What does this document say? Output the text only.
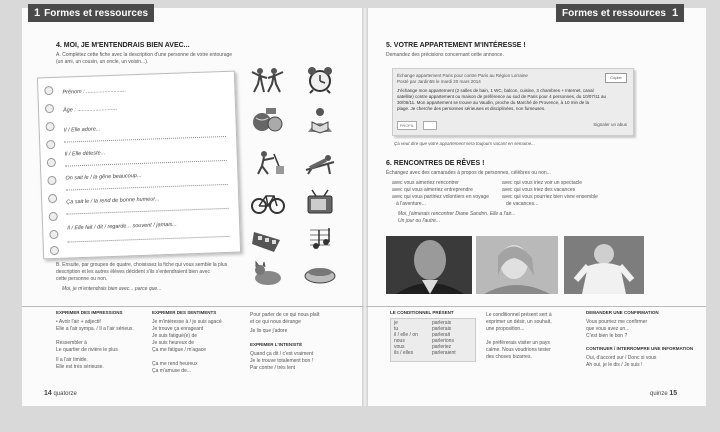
1 Formes et ressources
4. MOI, JE M'ENTENDRAIS BIEN AVEC...
A. Complétez cette fiche avec la description d'une personne de votre entourage
(un ami, un cousin, un oncle, un voisin...).
Prénom : ..........................
Âge : ..........................
Il / Elle adore...
Il / Elle déteste...
On sait le / la gêne beaucoup...
Ça sait le / la rend de bonne humeur...
Il / Elle fait / dit / regarde... souvent / jamais...
B. Ensuite, par groupes de quatre, choisissez la fiche qui vous semble la plus
description et les autres élèves décident s'ils s'entendraient bien avec
cette personne ou non.
Moi, je m'entendrais bien avec... parce que...
EXPRIMER DES IMPRESSIONS
• Avoir l'air + adjectif
Elle a l'air sympa. / Il a l'air sérieux.
Ressembler à
Le quartier de rivière le plus
Il a l'air timide.
Elle est très sérieuse.
EXPRIMER DES SENTIMENTS
Je m'intéresse à / je suis agacé
Je trouve ça enrageant
Je suis fatigué(e) de
Je suis heureux de
Ça me fatigue / m'agace
Ça me rend heureux
Ça m'amuse de...
Pour parler de ce qui nous plaît
et ce qui nous dérange
Je lis que j'adore
EXPRIMER L'INTENSITÉ
Quand ça dit / c'est vraiment
Je le trouve totalement bon !
Par contre / très lent
14 quatorze
Formes et ressources 1
5. VOTRE APPARTEMENT M'INTÉRESSE !
Demandez des précisions concernant cette annonce.
Échange appartement Paris pour contre Paris au Région Lorraine
Posté par Jardin55 le mardi 20 mars 2014
Copier
J'échange mon appartement (2 salles de bain, 1 WC, balcon, cuisine, 3 chambres + Internet, canal
satellite) contre appartement ou maison de préférence au sud de Paris pour 4 personnes, du 10/07/11 au
30/06/11. Mon appartement se trouve au Vaudin, proche du Marché de Provence, à 10 min de la
plage. Je cherche des personnes sérieuses et disciplinées, non fumeuses.
PROFIL	Signaler un abus
Ça veut dire que votre appartement sera toujours vacant en semaine...
6. RENCONTRES DE RÊVES !
Échangez avec des camarades à propos de personnes, célèbres ou non...
avec vous aimeriez rencontrer
avec qui vous aimeriez entreprendre
avec qui vous partiriez volontiers en voyage
à l'aventure...
avec qui vous iriez voir un spectacle
avec qui vous iriez des vacances
avec qui vous pourriez bien vivre ensemble
de vacances...
Moi, j'aimerais rencontrer Diane Sandrin. Elle a l'air...
Un jour ou l'autre...
LE CONDITIONNEL PRÉSENT
je
tu
il / elle / on
nous
vous
ils / elles
parlerais
parlerais
parlerait
parlerions
parleriez
parleraient
Le conditionnel présent sert à
exprimer un désir, un souhait,
une proposition...
Je préférerais visiter un pays
calme. Nous voudrions tester
des choses bizarres.
DEMANDER UNE CONFIRMATION
Vous pourriez me confirmer
que vous avez un...
C'est bien le bon ?
CONTINUER / INTERROMPRE UNE INFORMATION
Oui, d'accord sur / Donc si vous
Ah oui, je le dis / Je suis !
quinze 15
